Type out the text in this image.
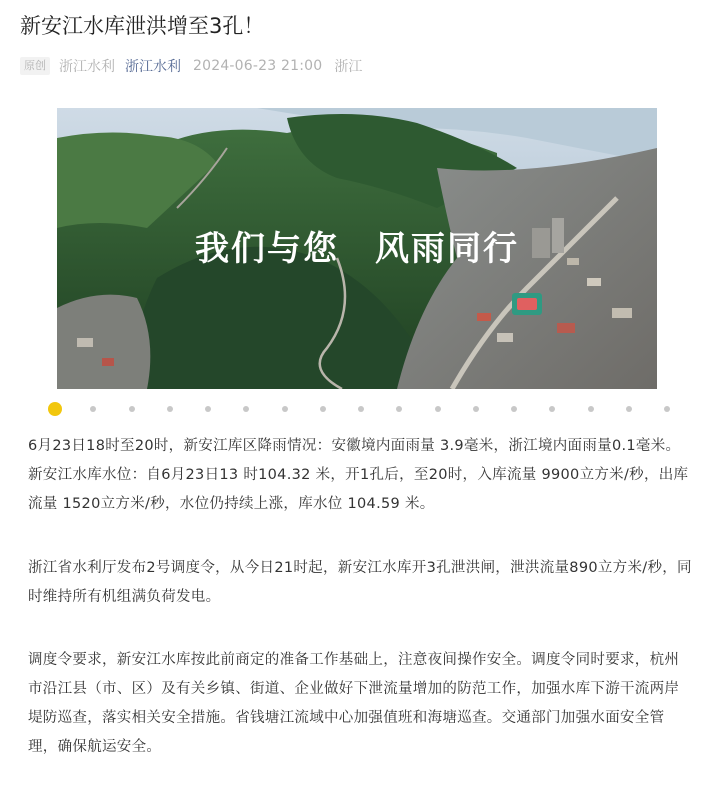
新安江水库泄洪增至3孔！
原创 浙江水利 浙江水利 2024-06-23 21:00 浙江
我们与您　风雨同行

6月23日18时至20时，新安江库区降雨情况：安徽境内面雨量 3.9毫米，浙江境内面雨量0.1毫米。新安江水库水位：自6月23日13 时104.32 米，开1孔后，至20时，入库流量 9900立方米/秒，出库流量 1520立方米/秒，水位仍持续上涨，库水位 104.59 米。

浙江省水利厅发布2号调度令，从今日21时起，新安江水库开3孔泄洪闸，泄洪流量890立方米/秒，同时维持所有机组满负荷发电。

调度令要求，新安江水库按此前商定的准备工作基础上，注意夜间操作安全。调度令同时要求，杭州市沿江县（市、区）及有关乡镇、街道、企业做好下泄流量增加的防范工作，加强水库下游干流两岸堤防巡查，落实相关安全措施。省钱塘江流域中心加强值班和海塘巡查。交通部门加强水面安全管理，确保航运安全。
